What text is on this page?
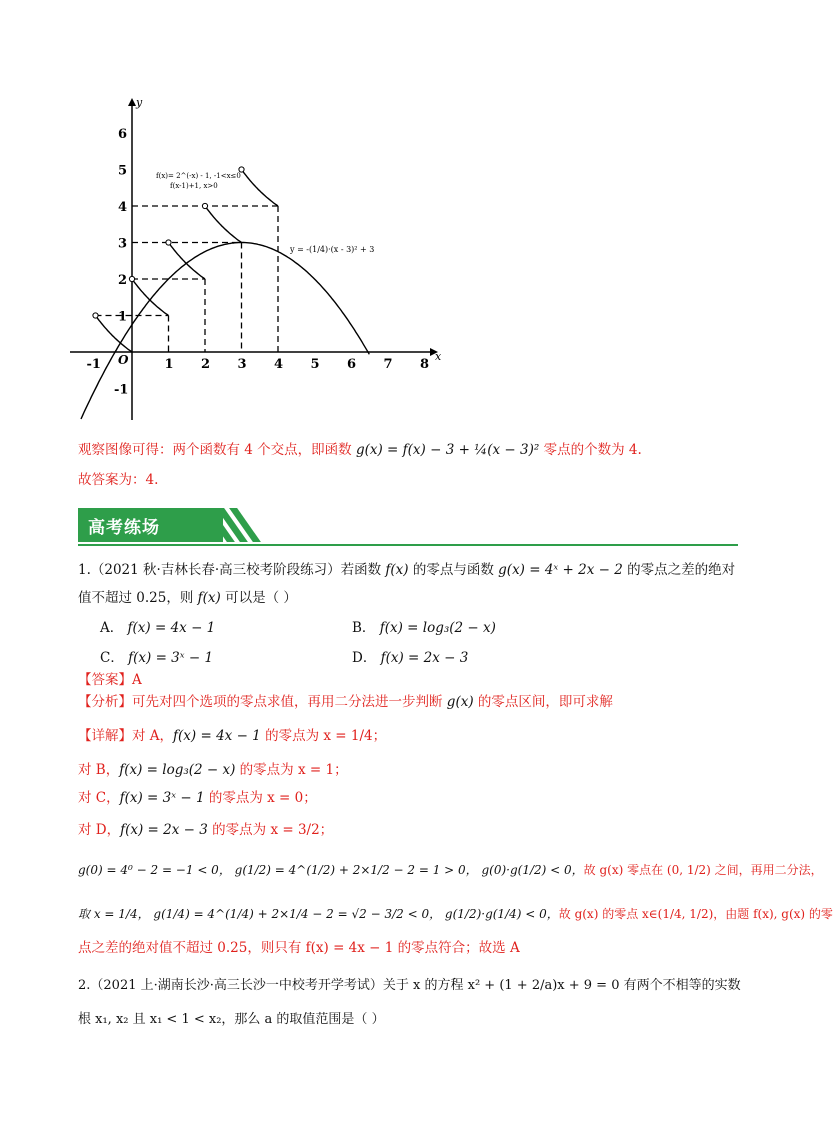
y
x
O
-1	1 2 3 4 5 6 7 8
-1
1
2
3
4
5
6
f(x)= 2^(-x) - 1, -1<x≤0
f(x-1)+1, x>0
y = -(1/4)·(x - 3)² + 3
观察图像可得：两个函数有 4 个交点，即函数 g(x) = f(x) − 3 + ¼(x − 3)² 零点的个数为 4.
故答案为：4.
高考练场
1.（2021 秋·吉林长春·高三校考阶段练习）若函数 f(x) 的零点与函数 g(x) = 4ˣ + 2x − 2 的零点之差的绝对
值不超过 0.25，则 f(x) 可以是（ ）
A． f(x) = 4x − 1	B． f(x) = log₃(2 − x)
C． f(x) = 3ˣ − 1	D． f(x) = 2x − 3
【答案】A
【分析】可先对四个选项的零点求值，再用二分法进一步判断 g(x) 的零点区间，即可求解
【详解】对 A，f(x) = 4x − 1 的零点为 x = 1/4；
对 B，f(x) = log₃(2 − x) 的零点为 x = 1；
对 C，f(x) = 3ˣ − 1 的零点为 x = 0；
对 D，f(x) = 2x − 3 的零点为 x = 3/2；
g(0) = 4⁰ − 2 = −1 < 0， g(1/2) = 4^(1/2) + 2×1/2 − 2 = 1 > 0， g(0)·g(1/2) < 0，故 g(x) 零点在 (0, 1/2) 之间，再用二分法，
取 x = 1/4， g(1/4) = 4^(1/4) + 2×1/4 − 2 = √2 − 3/2 < 0， g(1/2)·g(1/4) < 0，故 g(x) 的零点 x∈(1/4, 1/2)，由题 f(x), g(x) 的零
点之差的绝对值不超过 0.25，则只有 f(x) = 4x − 1 的零点符合；故选 A
2.（2021 上·湖南长沙·高三长沙一中校考开学考试）关于 x 的方程 x² + (1 + 2/a)x + 9 = 0 有两个不相等的实数
根 x₁, x₂ 且 x₁ < 1 < x₂，那么 a 的取值范围是（ ）
